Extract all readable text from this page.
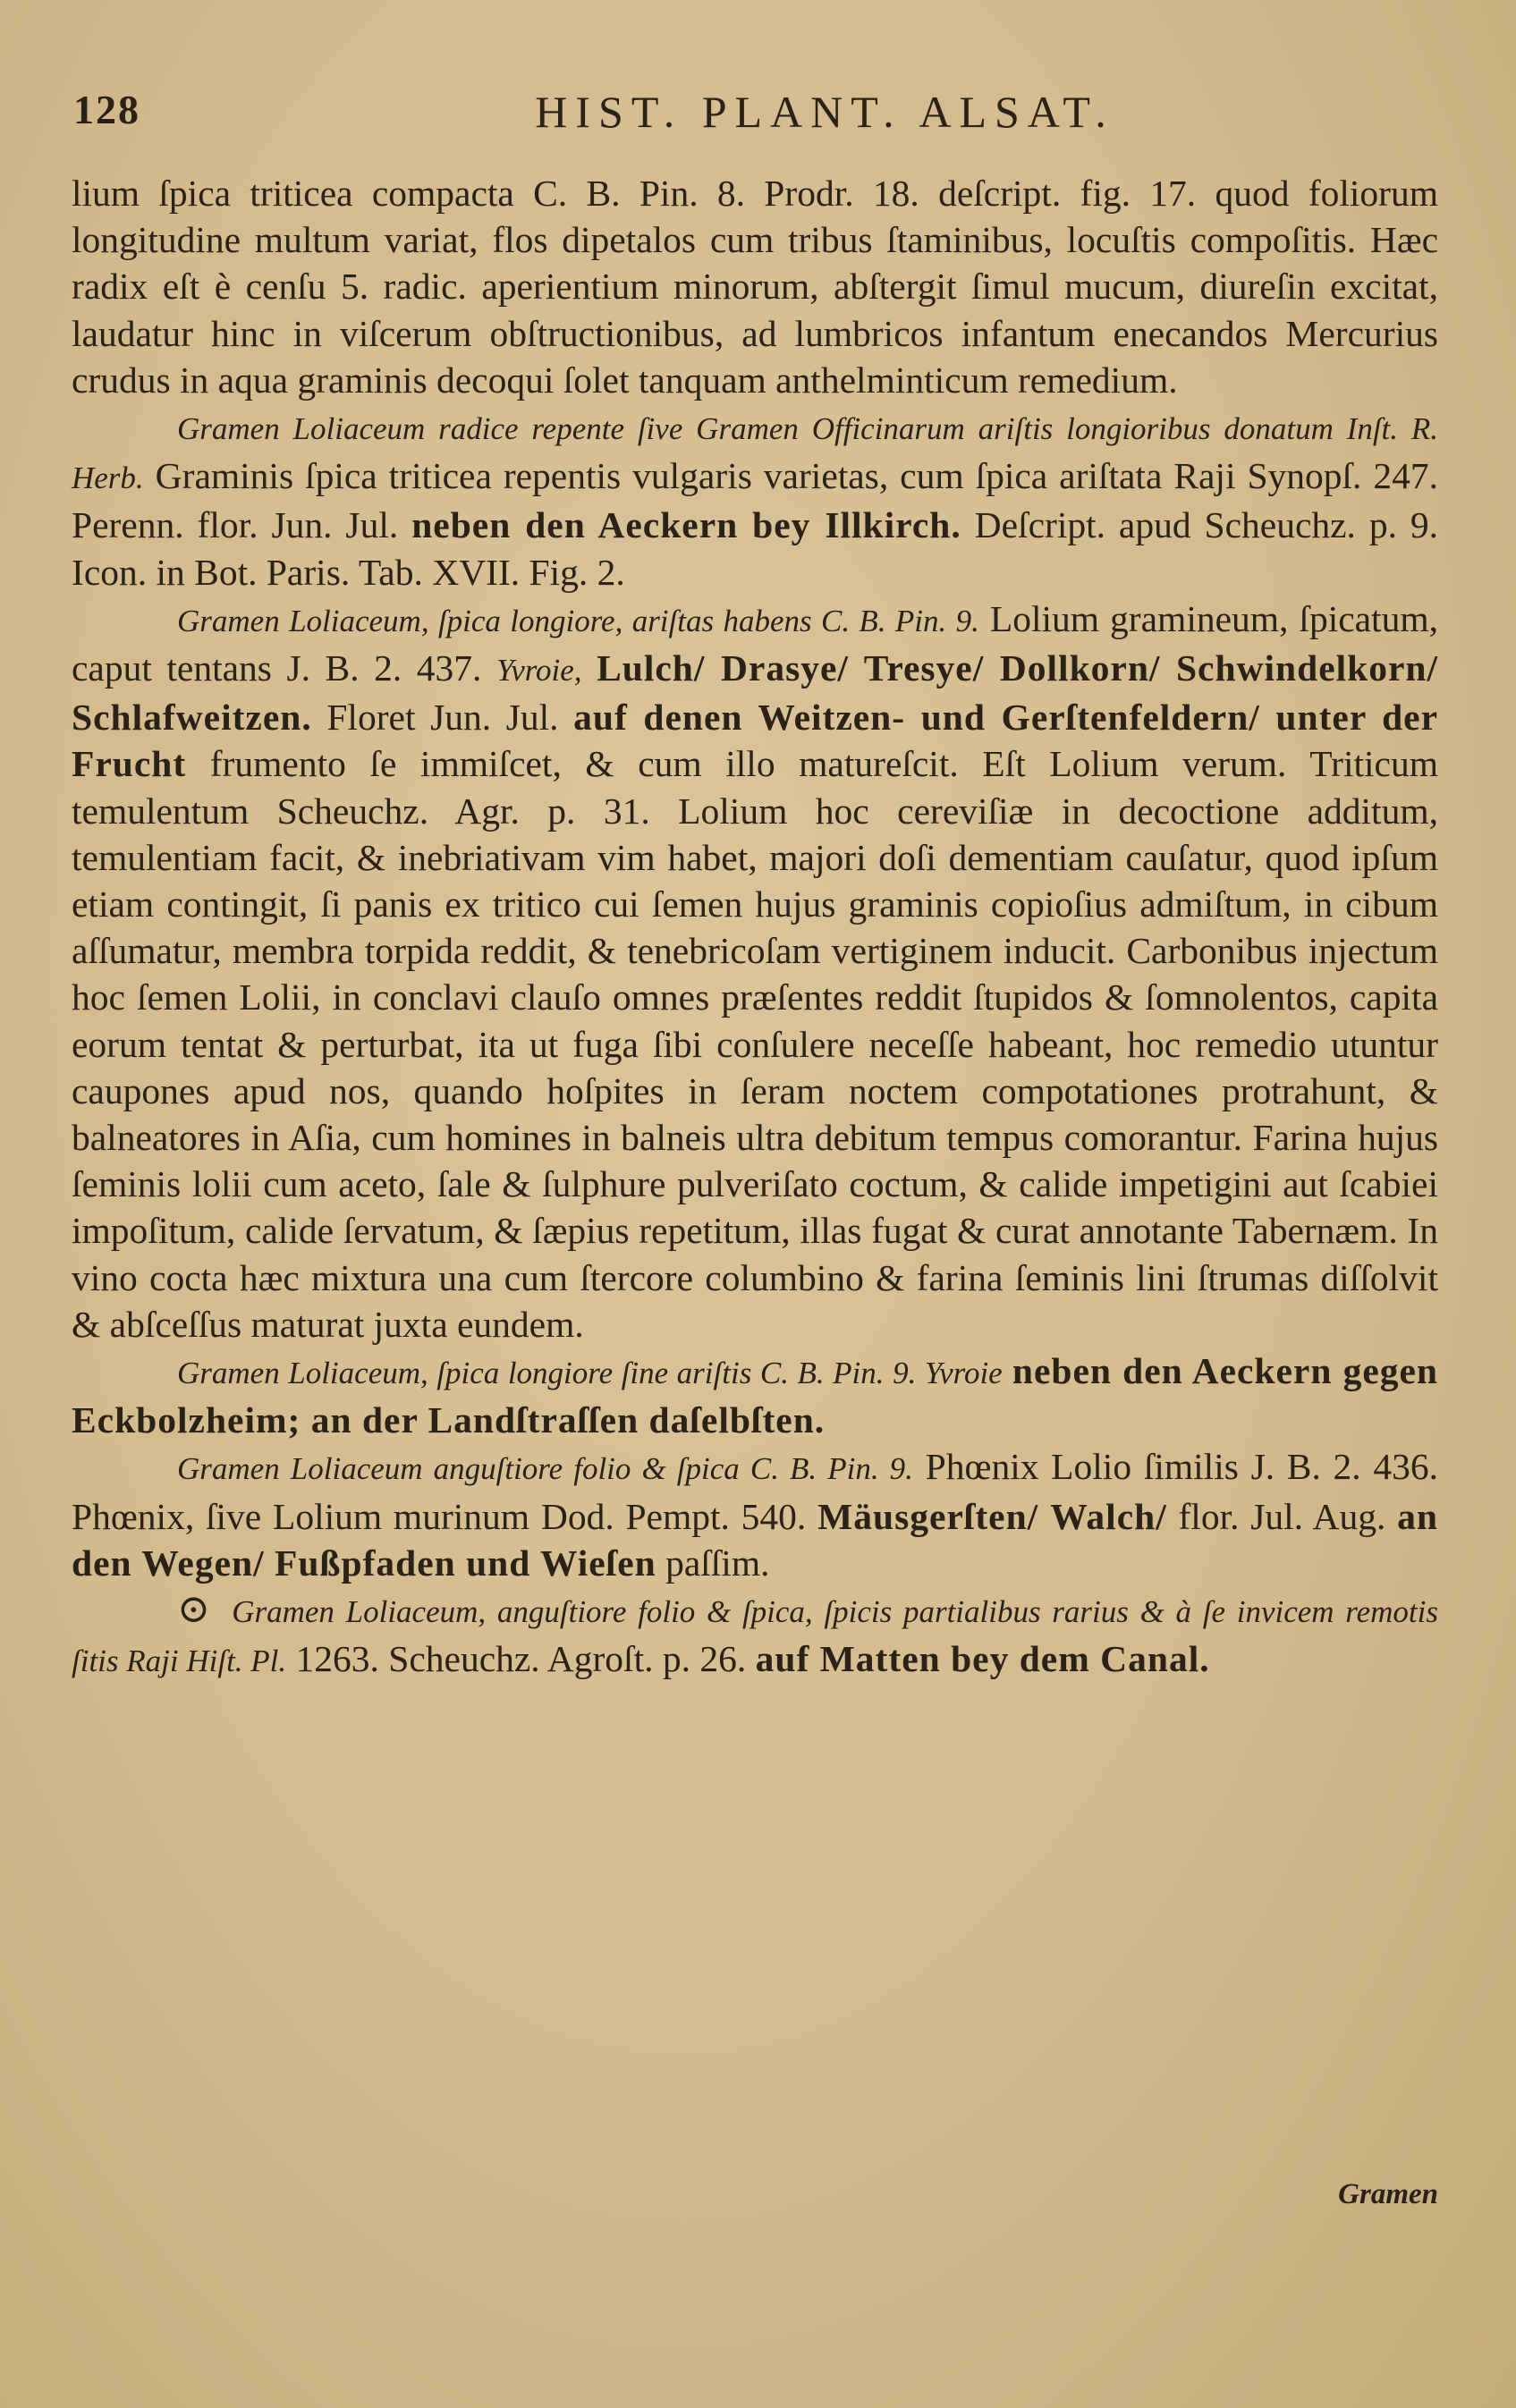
128	HIST. PLANT. ALSAT.

lium ſpica triticea compacta C. B. Pin. 8. Prodr. 18. deſcript. fig. 17. quod foliorum longitudine multum variat, flos dipetalos cum tribus ſtaminibus, locuſtis compoſitis. Hæc radix eſt è cenſu 5. radic. aperientium minorum, abſtergit ſimul mucum, diureſin excitat, laudatur hinc in viſcerum obſtructionibus, ad lumbricos infantum enecandos Mercurius crudus in aqua graminis decoqui ſolet tanquam anthelminticum remedium.

Gramen Loliaceum radice repente ſive Gramen Officinarum ariſtis longioribus donatum Inſt. R. Herb. Graminis ſpica triticea repentis vulgaris varietas, cum ſpica ariſtata Raji Synopſ. 247. Perenn. flor. Jun. Jul. neben den Aeckern bey Illkirch. Deſcript. apud Scheuchz. p. 9. Icon. in Bot. Paris. Tab. XVII. Fig. 2.

Gramen Loliaceum, ſpica longiore, ariſtas habens C. B. Pin. 9. Lolium gramineum, ſpicatum, caput tentans J. B. 2. 437. Yvroie, Lulch/ Drasye/ Tresye/ Dollkorn/ Schwindelkorn/ Schlafweitzen. Floret Jun. Jul. auf denen Weitzen- und Gerſtenfeldern/ unter der Frucht frumento ſe immiſcet, & cum illo matureſcit. Eſt Lolium verum. Triticum temulentum Scheuchz. Agr. p. 31. Lolium hoc cereviſiæ in decoctione additum, temulentiam facit, & inebriativam vim habet, majori doſi dementiam cauſatur, quod ipſum etiam contingit, ſi panis ex tritico cui ſemen hujus graminis copioſius admiſtum, in cibum aſſumatur, membra torpida reddit, & tenebricoſam vertiginem inducit. Carbonibus injectum hoc ſemen Lolii, in conclavi clauſo omnes præſentes reddit ſtupidos & ſomnolentos, capita eorum tentat & perturbat, ita ut fuga ſibi conſulere neceſſe habeant, hoc remedio utuntur caupones apud nos, quando hoſpites in ſeram noctem compotationes protrahunt, & balneatores in Aſia, cum homines in balneis ultra debitum tempus comorantur. Farina hujus ſeminis lolii cum aceto, ſale & ſulphure pulveriſato coctum, & calide impetigini aut ſcabiei impoſitum, calide ſervatum, & ſæpius repetitum, illas fugat & curat annotante Tabernæm. In vino cocta hæc mixtura una cum ſtercore columbino & farina ſeminis lini ſtrumas diſſolvit & abſceſſus maturat juxta eundem.

Gramen Loliaceum, ſpica longiore ſine ariſtis C. B. Pin. 9. Yvroie neben den Aeckern gegen Eckbolzheim; an der Landſtraſſen daſelbſten.

Gramen Loliaceum anguſtiore folio & ſpica C. B. Pin. 9. Phœnix Lolio ſimilis J. B. 2. 436. Phœnix, ſive Lolium murinum Dod. Pempt. 540. Mäusgerſten/ Walch/ flor. Jul. Aug. an den Wegen/ Fußpfaden und Wieſen paſſim.

⊙ Gramen Loliaceum, anguſtiore folio & ſpica, ſpicis partialibus rarius & à ſe invicem remotis ſitis Raji Hiſt. Pl. 1263. Scheuchz. Agroſt. p. 26. auf Matten bey dem Canal.

Gramen
